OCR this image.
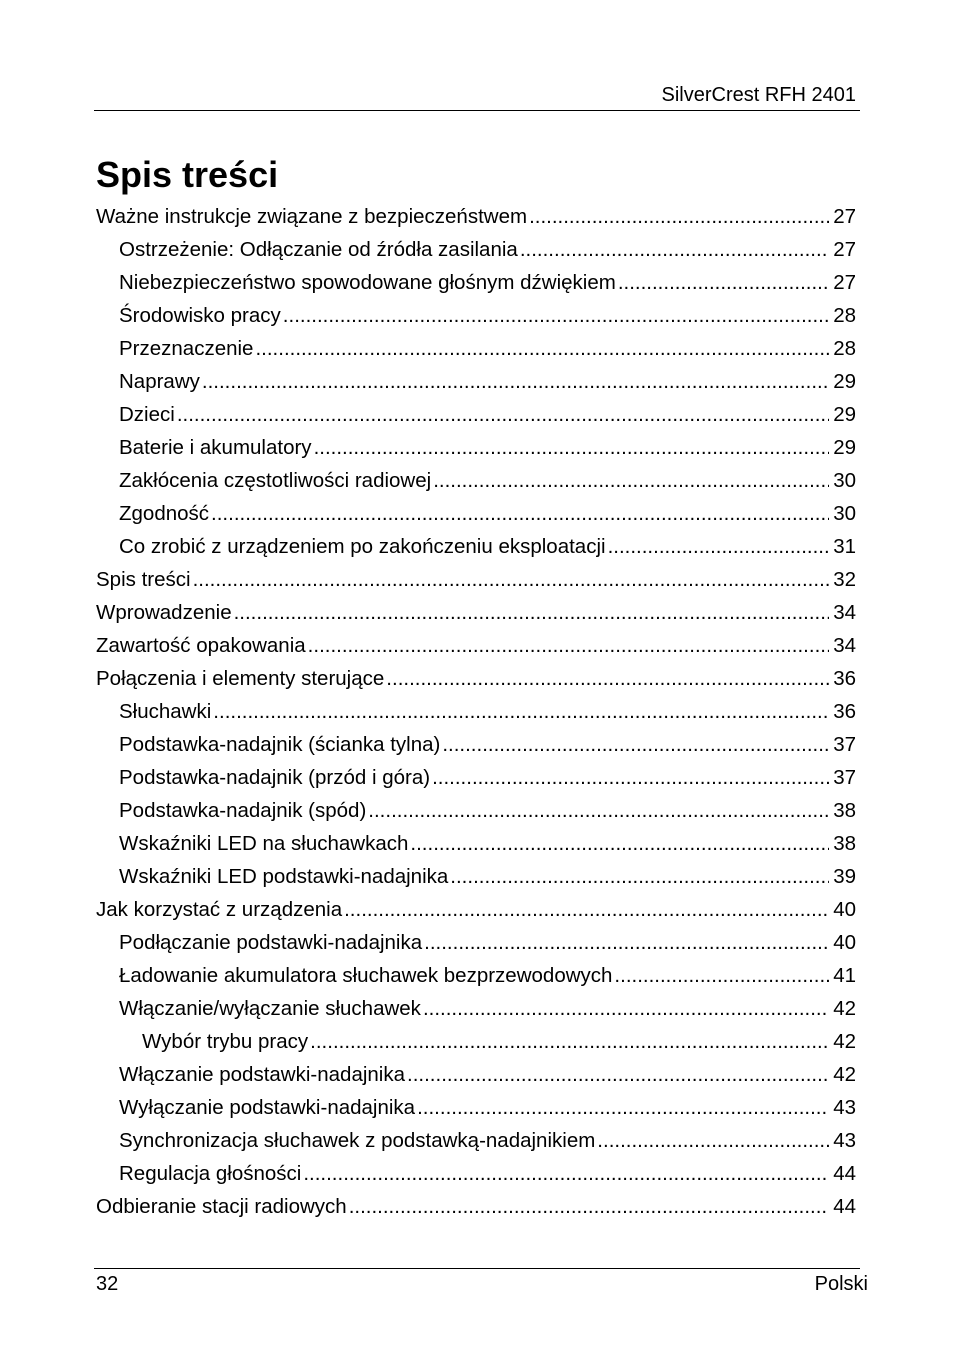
SilverCrest RFH 2401
Spis treści
Ważne instrukcje związane z bezpieczeństwem .....	27
Ostrzeżenie: Odłączanie od źródła zasilania .....	27
Niebezpieczeństwo spowodowane głośnym dźwiękiem .....	27
Środowisko pracy .....	28
Przeznaczenie .....	28
Naprawy .....	29
Dzieci .....	29
Baterie i akumulatory .....	29
Zakłócenia częstotliwości radiowej .....	30
Zgodność .....	30
Co zrobić z urządzeniem po zakończeniu eksploatacji .....	31
Spis treści .....	32
Wprowadzenie .....	34
Zawartość opakowania .....	34
Połączenia i elementy sterujące .....	36
Słuchawki .....	36
Podstawka-nadajnik (ścianka tylna) .....	37
Podstawka-nadajnik (przód i góra) .....	37
Podstawka-nadajnik (spód) .....	38
Wskaźniki LED na słuchawkach .....	38
Wskaźniki LED podstawki-nadajnika .....	39
Jak korzystać z urządzenia .....	40
Podłączanie podstawki-nadajnika .....	40
Ładowanie akumulatora słuchawek bezprzewodowych .....	41
Włączanie/wyłączanie słuchawek .....	42
Wybór trybu pracy .....	42
Włączanie podstawki-nadajnika .....	42
Wyłączanie podstawki-nadajnika .....	43
Synchronizacja słuchawek z podstawką-nadajnikiem .....	43
Regulacja głośności .....	44
Odbieranie stacji radiowych .....	44
32	Polski
